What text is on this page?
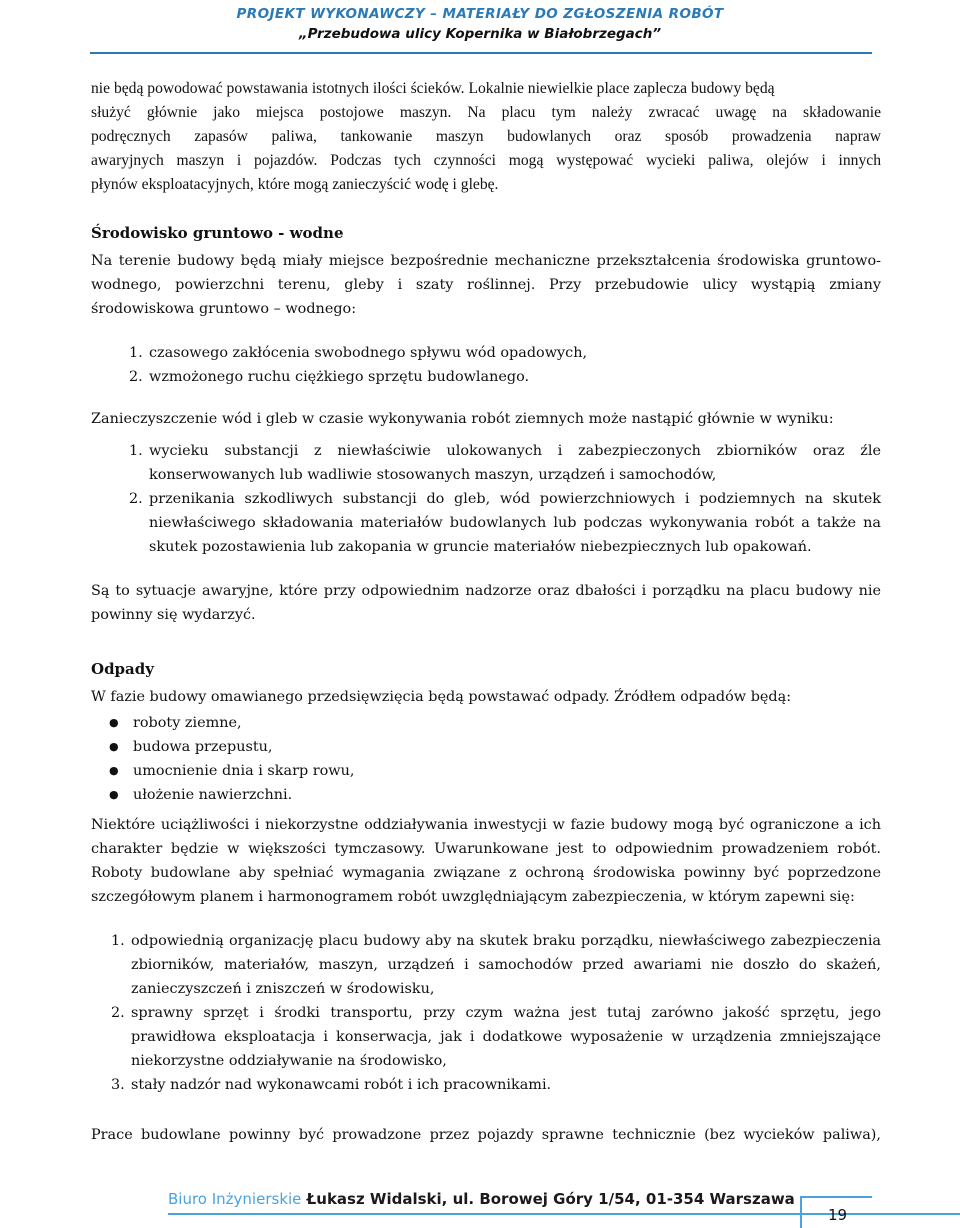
PROJEKT WYKONAWCZY – MATERIAŁY DO ZGŁOSZENIA ROBÓT
„Przebudowa ulicy Kopernika w Białobrzegach”

nie będą powodować powstawania istotnych ilości ścieków. Lokalnie niewielkie place zaplecza budowy będą

służyć głównie jako miejsca postojowe maszyn. Na placu tym należy zwracać uwagę na składowanie

podręcznych zapasów paliwa, tankowanie maszyn budowlanych oraz sposób prowadzenia napraw

awaryjnych maszyn i pojazdów. Podczas tych czynności mogą występować wycieki paliwa, olejów i innych

płynów eksploatacyjnych, które mogą zanieczyścić wodę i glebę.

Środowisko gruntowo - wodne

Na terenie budowy będą miały miejsce bezpośrednie mechaniczne przekształcenia środowiska gruntowo-wodnego, powierzchni terenu, gleby i szaty roślinnej. Przy przebudowie ulicy wystąpią zmiany środowiskowa gruntowo – wodnego:

1. czasowego zakłócenia swobodnego spływu wód opadowych,
2. wzmożonego ruchu ciężkiego sprzętu budowlanego.

Zanieczyszczenie wód i gleb w czasie wykonywania robót ziemnych może nastąpić głównie w wyniku:

1. wycieku substancji z niewłaściwie ulokowanych i zabezpieczonych zbiorników oraz źle konserwowanych lub wadliwie stosowanych maszyn, urządzeń i samochodów,
2. przenikania szkodliwych substancji do gleb, wód powierzchniowych i podziemnych na skutek niewłaściwego składowania materiałów budowlanych lub podczas wykonywania robót a także na skutek pozostawienia lub zakopania w gruncie materiałów niebezpiecznych lub opakowań.

Są to sytuacje awaryjne, które przy odpowiednim nadzorze oraz dbałości i porządku na placu budowy nie powinny się wydarzyć.

Odpady

W fazie budowy omawianego przedsięwzięcia będą powstawać odpady. Źródłem odpadów będą:

● roboty ziemne,
● budowa przepustu,
● umocnienie dnia i skarp rowu,
● ułożenie nawierzchni.

Niektóre uciążliwości i niekorzystne oddziaływania inwestycji w fazie budowy mogą być ograniczone a ich charakter będzie w większości tymczasowy. Uwarunkowane jest to odpowiednim prowadzeniem robót. Roboty budowlane aby spełniać wymagania związane z ochroną środowiska powinny być poprzedzone szczegółowym planem i harmonogramem robót uwzględniającym zabezpieczenia, w którym zapewni się:

1. odpowiednią organizację placu budowy aby na skutek braku porządku, niewłaściwego zabezpieczenia zbiorników, materiałów, maszyn, urządzeń i samochodów przed awariami nie doszło do skażeń, zanieczyszczeń i zniszczeń w środowisku,
2. sprawny sprzęt i środki transportu, przy czym ważna jest tutaj zarówno jakość sprzętu, jego prawidłowa eksploatacja i konserwacja, jak i dodatkowe wyposażenie w urządzenia zmniejszające niekorzystne oddziaływanie na środowisko,
3. stały nadzór nad wykonawcami robót i ich pracownikami.

Prace budowlane powinny być prowadzone przez pojazdy sprawne technicznie (bez wycieków paliwa),

Biuro Inżynierskie Łukasz Widalski, ul. Borowej Góry 1/54, 01-354 Warszawa
19
